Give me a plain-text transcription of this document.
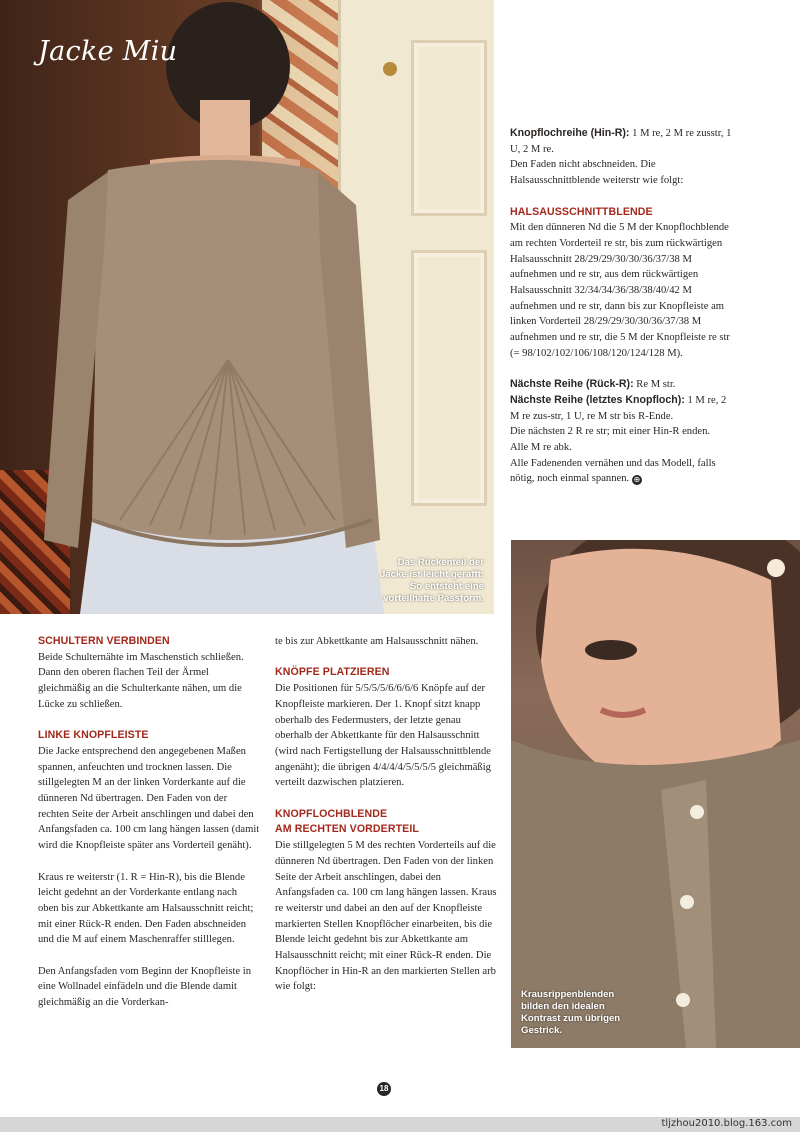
Jacke Miu
Das Rückenteil der Jacke ist leicht gerafft: So entsteht eine vorteilhafte Passform.
Krausrippenblenden bilden den idealen Kontrast zum übrigen Gestrick.
SCHULTERN VERBINDEN

Beide Schulternähte im Maschenstich schließen. Dann den oberen flachen Teil der Ärmel gleichmäßig an die Schulterkante nähen, um die Lücke zu schließen.

LINKE KNOPFLEISTE

Die Jacke entsprechend den angegebenen Maßen spannen, anfeuchten und trocknen lassen. Die stillgelegten M an der linken Vorderkante auf die dünneren Nd übertragen. Den Faden von der rechten Seite der Arbeit anschlingen und dabei den Anfangsfaden ca. 100 cm lang hängen lassen (damit wird die Knopfleiste später ans Vorderteil genäht).

Kraus re weiterstr (1. R = Hin-R), bis die Blende leicht gedehnt an der Vorderkante entlang nach oben bis zur Abkettkante am Halsausschnitt reicht; mit einer Rück-R enden. Den Faden abschneiden und die M auf einem Maschenraffer stilllegen.

Den Anfangsfaden vom Beginn der Knopfleiste in eine Wollnadel einfädeln und die Blende damit gleichmäßig an die Vorderkan-

te bis zur Abkettkante am Halsausschnitt nähen.

KNÖPFE PLATZIEREN

Die Positionen für 5/5/5/5/6/6/6/6 Knöpfe auf der Knopfleiste markieren. Der 1. Knopf sitzt knapp oberhalb des Federmusters, der letzte genau oberhalb der Abkettkante für den Halsausschnitt (wird nach Fertigstellung der Halsausschnittblende angenäht); die übrigen 4/4/4/4/5/5/5/5 gleichmäßig verteilt dazwischen platzieren.

KNOPFLOCHBLENDE
AM RECHTEN VORDERTEIL

Die stillgelegten 5 M des rechten Vorderteils auf die dünneren Nd übertragen. Den Faden von der linken Seite der Arbeit anschlingen, dabei den Anfangsfaden ca. 100 cm lang hängen lassen. Kraus re weiterstr und dabei an den auf der Knopfleiste markierten Stellen Knopflöcher einarbeiten, bis die Blende leicht gedehnt bis zur Abkettkante am Halsausschnitt reicht; mit einer Rück-R enden. Die Knopflöcher in Hin-R an den markierten Stellen arb wie folgt:

Knopflochreihe (Hin-R): 1 M re, 2 M re zusstr, 1 U, 2 M re.
Den Faden nicht abschneiden. Die Halsausschnittblende weiterstr wie folgt:

HALSAUSSCHNITTBLENDE

Mit den dünneren Nd die 5 M der Knopflochblende am rechten Vorderteil re str, bis zum rückwärtigen Halsausschnitt 28/29/29/30/30/36/37/38 M aufnehmen und re str, aus dem rückwärtigen Halsausschnitt 32/34/34/36/38/38/40/42 M aufnehmen und re str, dann bis zur Knopfleiste am linken Vorderteil 28/29/29/30/30/36/37/38 M aufnehmen und re str, die 5 M der Knopfleiste re str (= 98/102/102/106/108/120/124/128 M).

Nächste Reihe (Rück-R): Re M str.
Nächste Reihe (letztes Knopfloch): 1 M re, 2 M re zus-str, 1 U, re M str bis R-Ende.
Die nächsten 2 R re str; mit einer Hin-R enden.
Alle M re abk.
Alle Fadenenden vernähen und das Modell, falls nötig, noch einmal spannen. ⊕

18
tljzhou2010.blog.163.com
